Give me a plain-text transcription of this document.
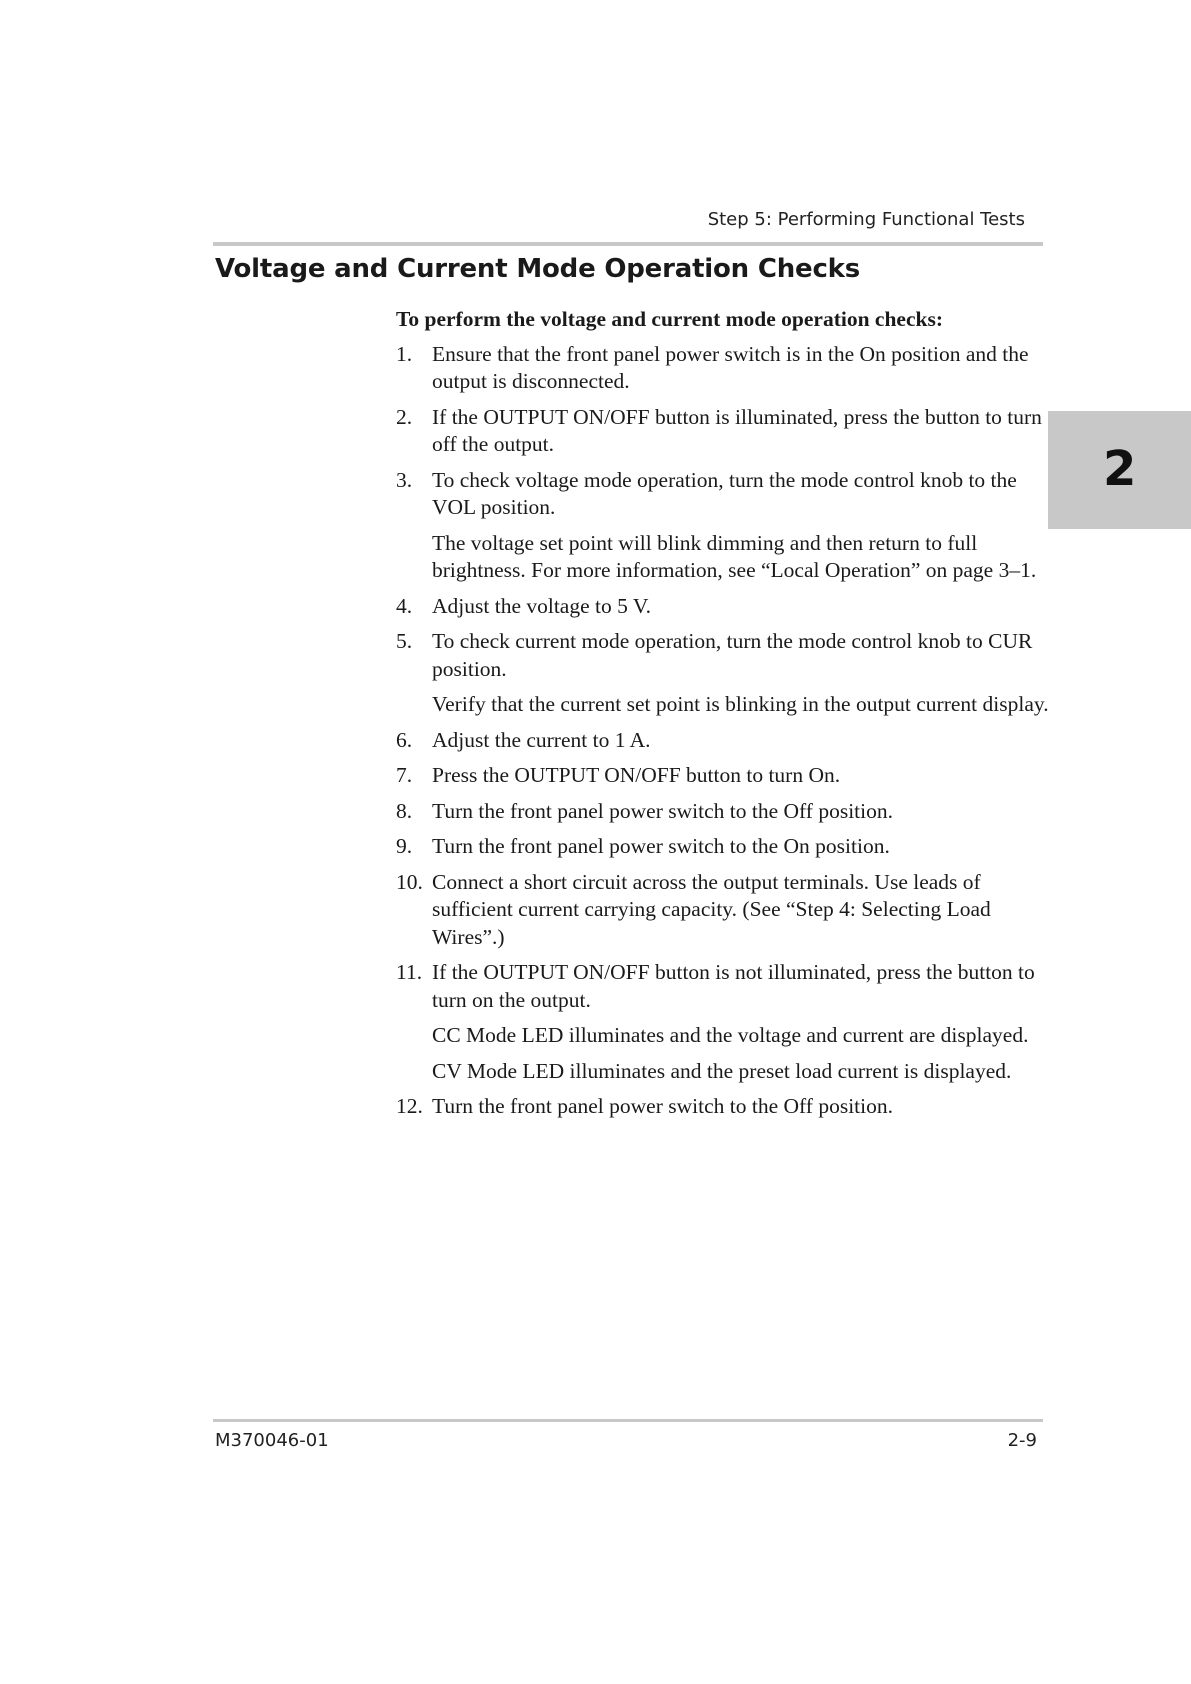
Step 5: Performing Functional Tests
Voltage and Current Mode Operation Checks
2
To perform the voltage and current mode operation checks:
1. Ensure that the front panel power switch is in the On position and the output is disconnected.
2. If the OUTPUT ON/OFF button is illuminated, press the button to turn off the output.
3. To check voltage mode operation, turn the mode control knob to the VOL position.

The voltage set point will blink dimming and then return to full brightness. For more information, see “Local Operation” on page 3–1.

4. Adjust the voltage to 5 V.
5. To check current mode operation, turn the mode control knob to CUR position.

Verify that the current set point is blinking in the output current display.

6. Adjust the current to 1 A.
7. Press the OUTPUT ON/OFF button to turn On.
8. Turn the front panel power switch to the Off position.
9. Turn the front panel power switch to the On position.
10. Connect a short circuit across the output terminals. Use leads of sufficient current carrying capacity. (See “Step 4: Selecting Load Wires”.)
11. If the OUTPUT ON/OFF button is not illuminated, press the button to turn on the output.

CC Mode LED illuminates and the voltage and current are displayed.

CV Mode LED illuminates and the preset load current is displayed.

12. Turn the front panel power switch to the Off position.
M370046-01	2-9
